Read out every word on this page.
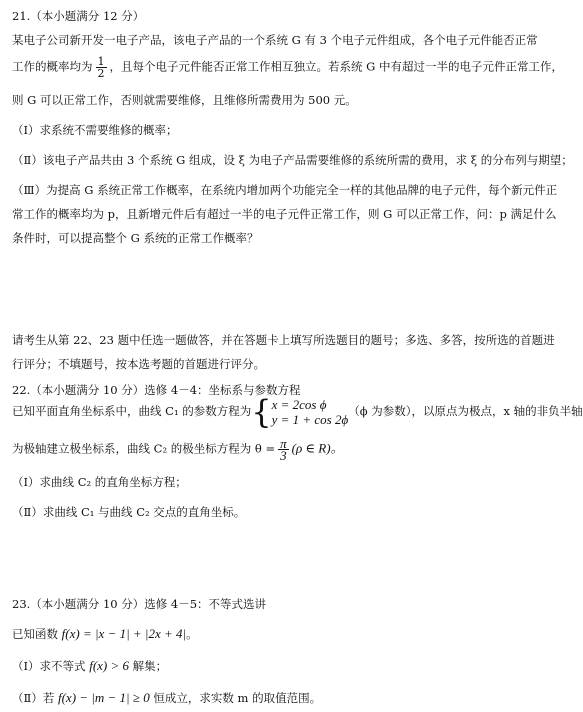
21.（本小题满分 12 分）
某电子公司新开发一电子产品，该电子产品的一个系统 G 有 3 个电子元件组成，各个电子元件能否正常
工作的概率均为 $\frac{1}{2}$ ，且每个电子元件能否正常工作相互独立。若系统 G 中有超过一半的电子元件正常工作，
则 G 可以正常工作，否则就需要维修，且维修所需费用为 500 元。
（Ⅰ）求系统不需要维修的概率；
（Ⅱ）该电子产品共由 3 个系统 G 组成，设 ξ 为电子产品需要维修的系统所需的费用，求 ξ 的分布列与期望；
（Ⅲ）为提高 G 系统正常工作概率，在系统内增加两个功能完全一样的其他品牌的电子元件，每个新元件正
常工作的概率均为 p，且新增元件后有超过一半的电子元件正常工作，则 G 可以正常工作，问：p 满足什么
条件时，可以提高整个 G 系统的正常工作概率？
请考生从第 22、23 题中任选一题做答，并在答题卡上填写所选题目的题号；多选、多答，按所选的首题进
行评分；不填题号，按本选考题的首题进行评分。
22.（本小题满分 10 分）选修 4－4：坐标系与参数方程
已知平面直角坐标系中，曲线 C₁ 的参数方程为{ x = 2cos ϕ
y = 1 + cos 2ϕ
（ϕ 为参数），以原点为极点，x 轴的非负半轴
为极轴建立极坐标系，曲线 C₂ 的极坐标方程为 $\theta = \frac{\pi}{3} (\rho$ ∈ R)。
（Ⅰ）求曲线 C₂ 的直角坐标方程；
（Ⅱ）求曲线 C₁ 与曲线 C₂ 交点的直角坐标。
23.（本小题满分 10 分）选修 4－5：不等式选讲
已知函数 f(x) = |x − 1| + |2x + 4|。
（Ⅰ）求不等式 f(x) > 6 解集；
（Ⅱ）若 f(x) − |m − 1| ≥ 0 恒成立，求实数 m 的取值范围。
